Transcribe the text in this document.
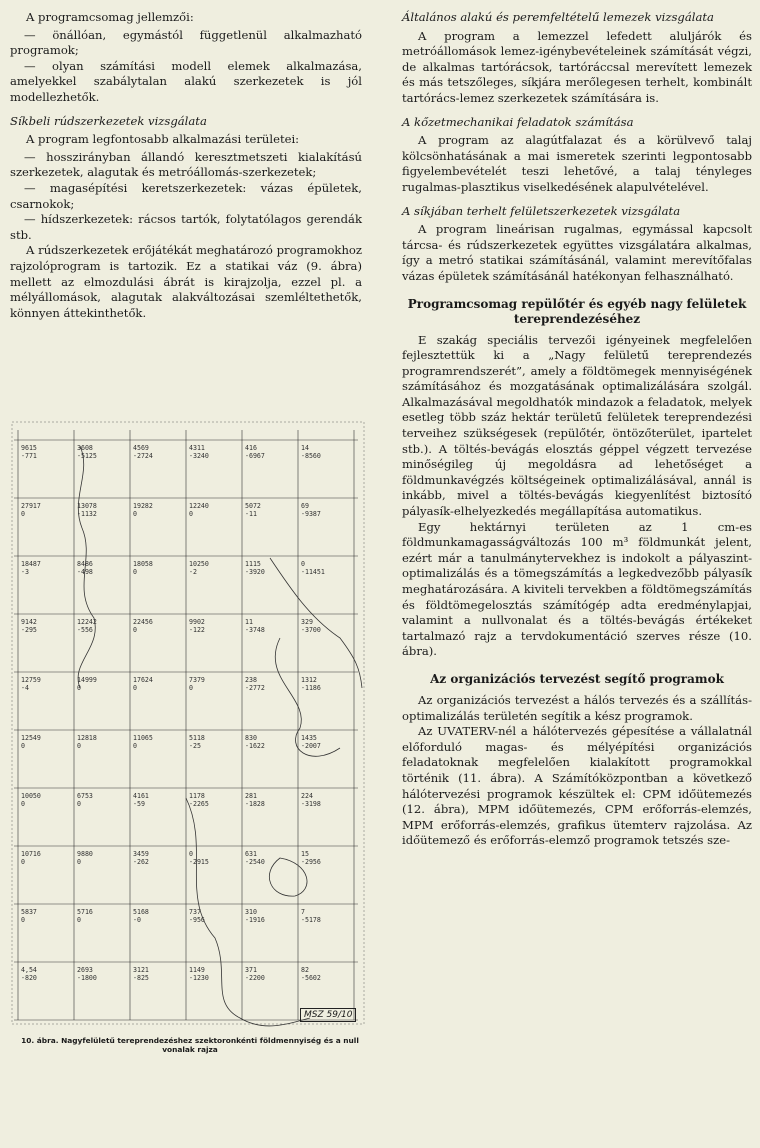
A programcsomag jellemzői:

— önállóan, egymástól függetlenül alkalmazható programok;

— olyan számítási modell elemek alkalmazása, amelyekkel szabálytalan alakú szerkezetek is jól modellezhetők.

Síkbeli rúdszerkezetek vizsgálata

A program legfontosabb alkalmazási területei:

— hosszirányban állandó keresztmetszeti kialakítású szerkezetek, alagutak és metróállomás-szerkezetek;

— magasépítési keretszerkezetek: vázas épületek, csarnokok;

— hídszerkezetek: rácsos tartók, folytatólagos gerendák stb.

A rúdszerkezetek erőjátékát meghatározó programokhoz rajzolóprogram is tartozik. Ez a statikai váz (9. ábra) mellett az elmozdulási ábrát is kirajzolja, ezzel pl. a mélyállomások, alagutak alakváltozásai szemléltethetők, könnyen áttekinthetők.

9615
-771
3608
-5125
4569
-2724
4311
-3240
416
-6967
14
-8560
27917
0
13078
-1132
19282
0
12240
0
5072
-11
69
-9387
18487
-3
8486
-498
18058
0
10250
-2
1115
-3920
0
-11451
9142
-295
12242
-556
22456
0
9902
-122
11
-3748
329
-3700
12759
-4
14999
0
17624
0
7379
0
238
-2772
1312
-1186
12549
0
12818
0
11065
0
5118
-25
830
-1622
1435
-2007
10050
0
6753
0
4161
-59
1178
-2265
281
-1828
224
-3198
10716
0
9880
0
3459
-262
0
-2915
631
-2540
15
-2956
5837
0
5716
0
5168
-0
737
-956
310
-1916
7
-5178
4,54
-820
2693
-1800
3121
-825
1149
-1230
371
-2200
82
-5602
MSZ 59/10
10. ábra. Nagyfelületű tereprendezéshez szektoronkénti földmennyiség és a null vonalak rajza

Általános alakú és peremfeltételű lemezek vizsgálata

A program a lemezzel lefedett aluljárók és metróállomások lemez-igénybevételeinek számítását végzi, de alkalmas tartórácsok, tartóráccsal merevített lemezek és más tetszőleges, síkjára merőlegesen terhelt, kombinált tartórács-lemez szerkezetek számítására is.

A kőzetmechanikai feladatok számítása

A program az alagútfalazat és a körülvevő talaj kölcsönhatásának a mai ismeretek szerinti legpontosabb figyelembevételét teszi lehetővé, a talaj tényleges rugalmas-plasztikus viselkedésének alapulvételével.

A síkjában terhelt felületszerkezetek vizsgálata

A program lineárisan rugalmas, egymással kapcsolt tárcsa- és rúdszerkezetek együttes vizsgálatára alkalmas, így a metró statikai számításánál, valamint merevítőfalas vázas épületek számításánál hatékonyan felhasználható.

Programcsomag repülőtér és egyéb nagy felületek tereprendezéséhez

E szakág speciális tervezői igényeinek megfelelően fejlesztettük ki a „Nagy felületű tereprendezés programrendszerét”, amely a földtömegek mennyiségének számításához és mozgatásának optimalizálására szolgál. Alkalmazásával megoldhatók mindazok a feladatok, melyek esetleg több száz hektár területű felületek tereprendezési terveihez szükségesek (repülőtér, öntözőterület, ipartelet stb.). A töltés-bevágás elosztás géppel végzett tervezése minőségileg új megoldásra ad lehetőséget a földmunkavégzés költségeinek optimalizálásával, annál is inkább, mivel a töltés-bevágás kiegyenlítést biztosító pályasík-elhelyezkedés megállapítása automatikus.

Egy hektárnyi területen az 1 cm-es földmunkamagasságváltozás 100 m³ földmunkát jelent, ezért már a tanulmánytervekhez is indokolt a pályaszint-optimalizálás és a tömegszámítás a legkedvezőbb pályasík meghatározására. A kiviteli tervekben a földtömegszámítás és földtömegelosztás számítógép adta eredménylapjai, valamint a nullvonalat és a töltés-bevágás értékeket tartalmazó rajz a tervdokumentáció szerves része (10. ábra).

Az organizációs tervezést segítő programok

Az organizációs tervezést a hálós tervezés és a szállítás-optimalizálás területén segítik a kész programok.

Az UVATERV-nél a hálótervezés gépesítése a vállalatnál előforduló magas- és mélyépítési organizációs feladatoknak megfelelően kialakított programokkal történik (11. ábra). A Számítóközpontban a következő hálótervezési programok készültek el: CPM időütemezés (12. ábra), MPM időütemezés, CPM erőforrás-elemzés, MPM erőforrás-elemzés, grafikus ütemterv rajzolása. Az időütemező és erőforrás-elemző programok tetszés sze-
